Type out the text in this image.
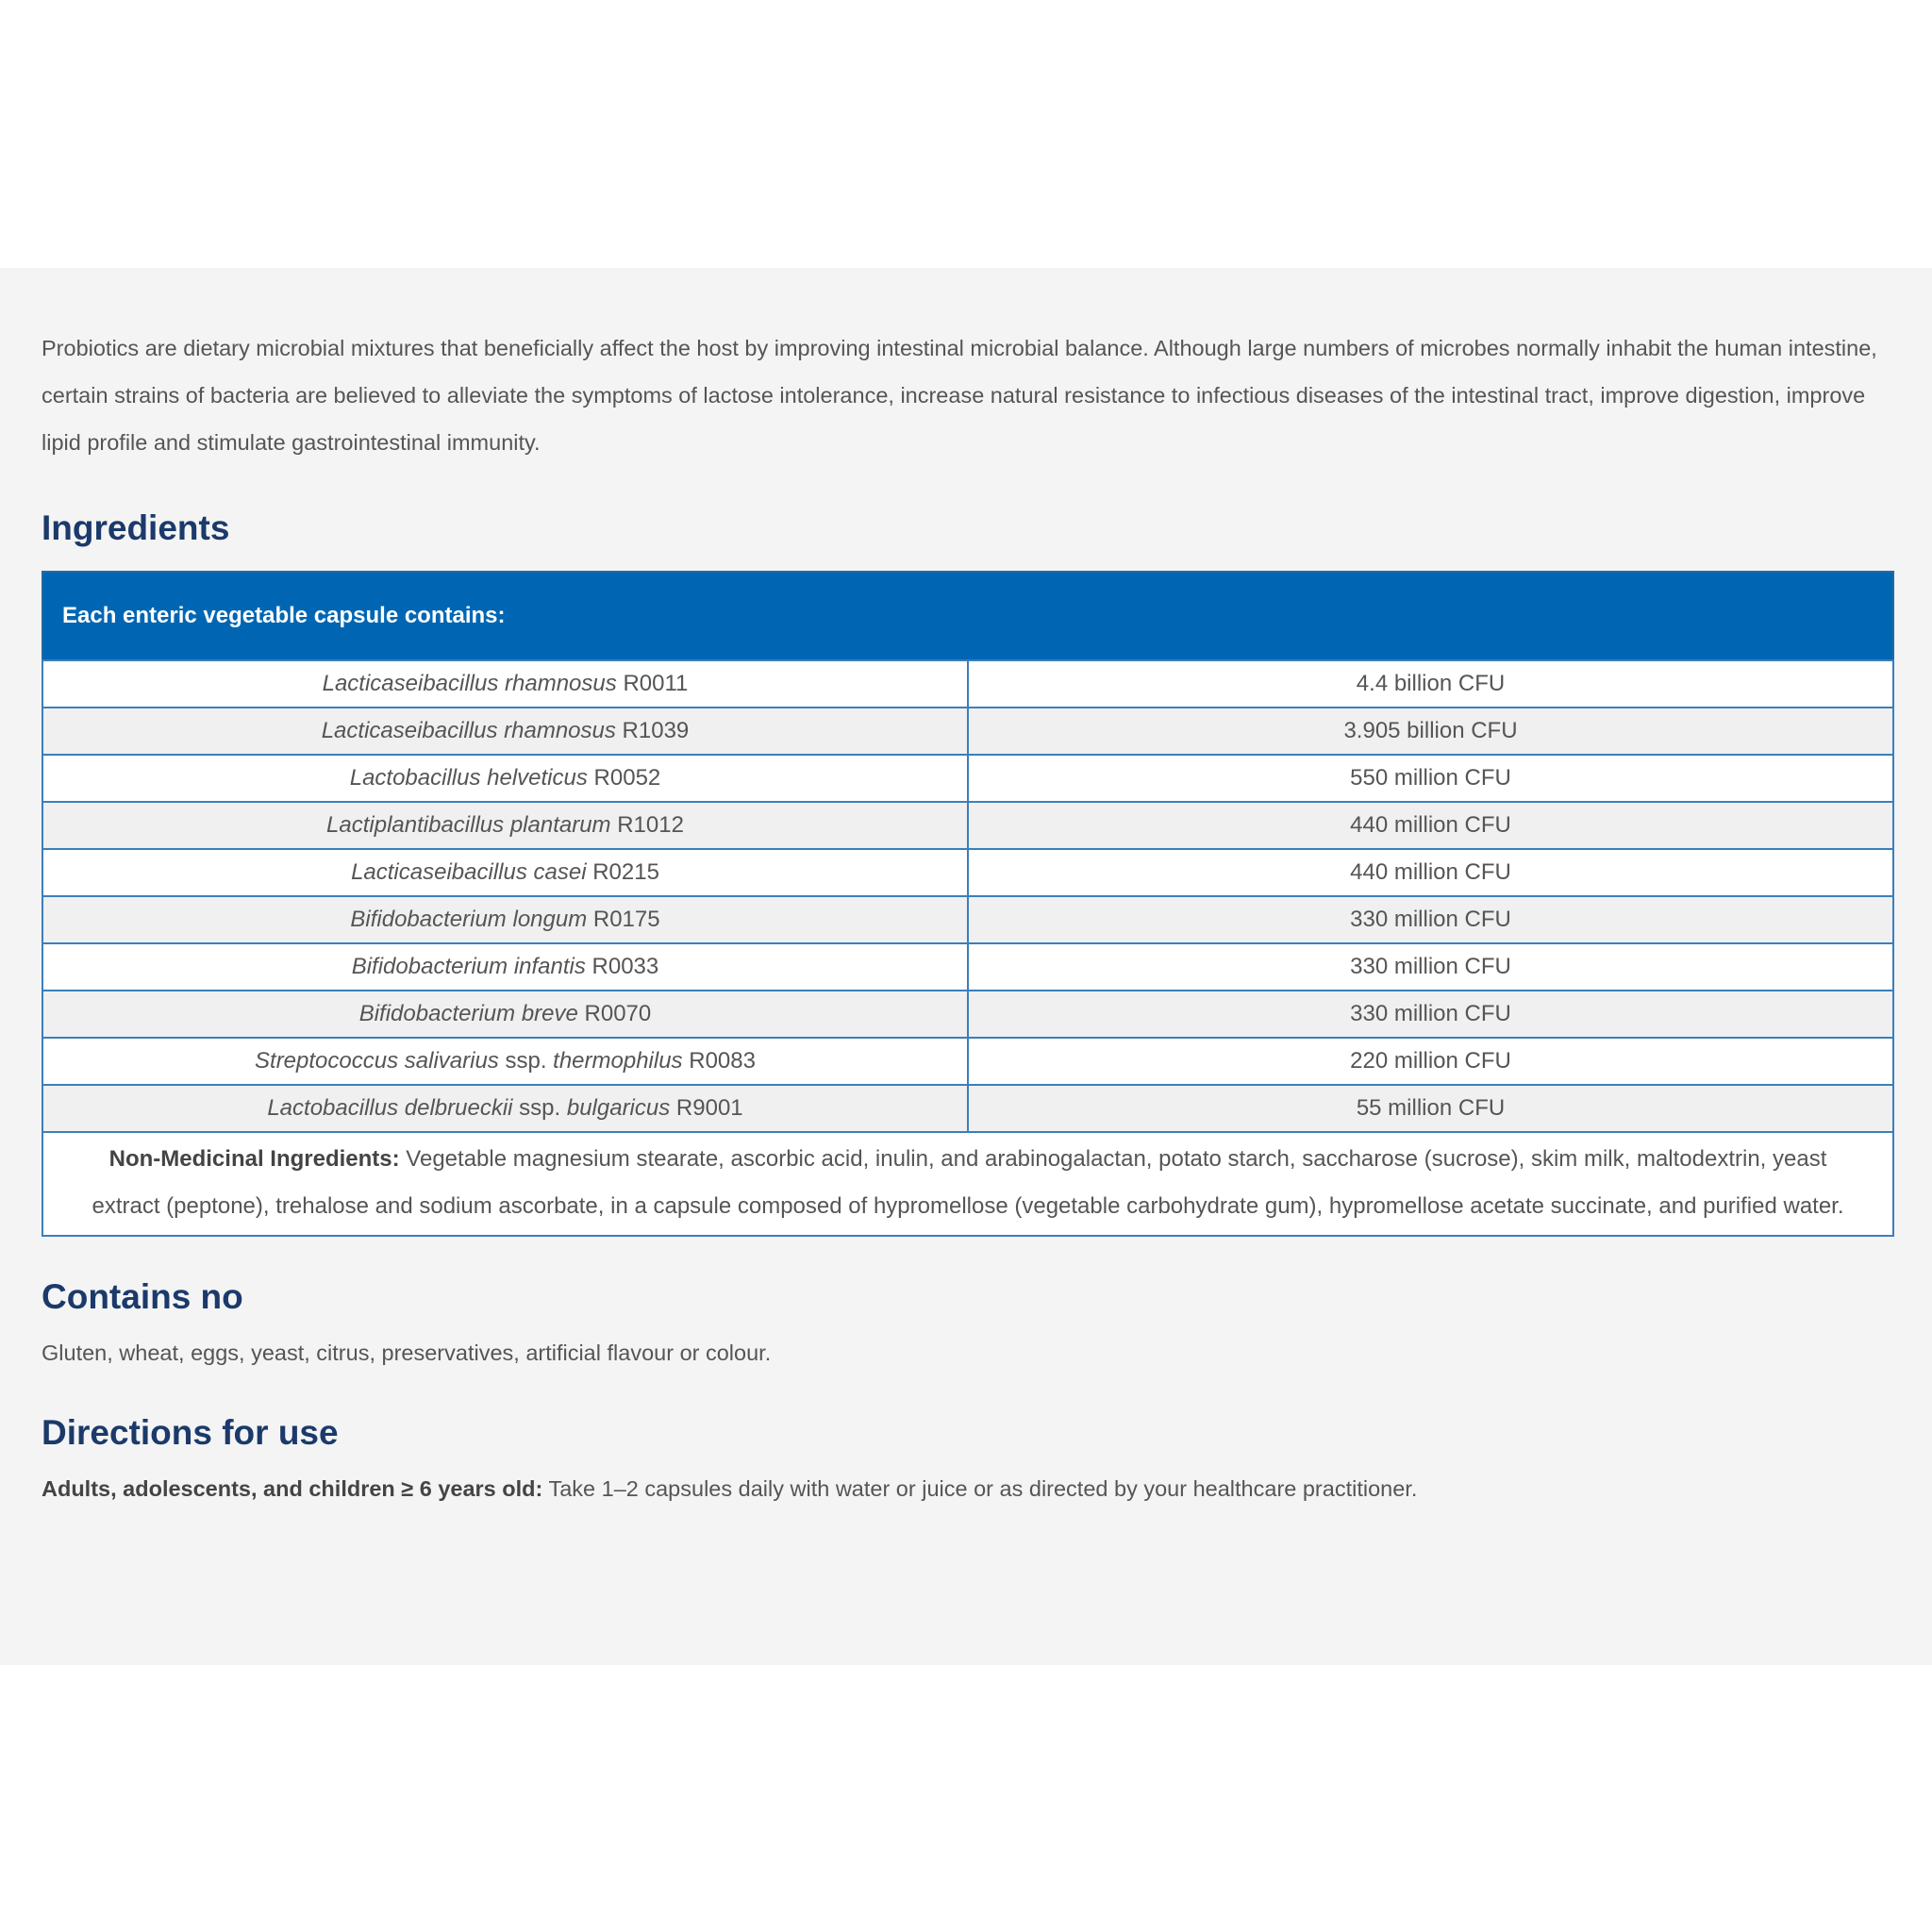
Probiotics are dietary microbial mixtures that beneficially affect the host by improving intestinal microbial balance. Although large numbers of microbes normally inhabit the human intestine, certain strains of bacteria are believed to alleviate the symptoms of lactose intolerance, increase natural resistance to infectious diseases of the intestinal tract, improve digestion, improve lipid profile and stimulate gastrointestinal immunity.

Ingredients
Each enteric vegetable capsule contains:	
Lacticaseibacillus rhamnosus R0011	4.4 billion CFU
Lacticaseibacillus rhamnosus R1039	3.905 billion CFU
Lactobacillus helveticus R0052	550 million CFU
Lactiplantibacillus plantarum R1012	440 million CFU
Lacticaseibacillus casei R0215	440 million CFU
Bifidobacterium longum R0175	330 million CFU
Bifidobacterium infantis R0033	330 million CFU
Bifidobacterium breve R0070	330 million CFU
Streptococcus salivarius ssp. thermophilus R0083	220 million CFU
Lactobacillus delbrueckii ssp. bulgaricus R9001	55 million CFU
Non-Medicinal Ingredients: Vegetable magnesium stearate, ascorbic acid, inulin, and arabinogalactan, potato starch, saccharose (sucrose), skim milk, maltodextrin, yeast extract (peptone), trehalose and sodium ascorbate, in a capsule composed of hypromellose (vegetable carbohydrate gum), hypromellose acetate succinate, and purified water.	
Contains no

Gluten, wheat, eggs, yeast, citrus, preservatives, artificial flavour or colour.

Directions for use

Adults, adolescents, and children ≥ 6 years old: Take 1–2 capsules daily with water or juice or as directed by your healthcare practitioner.
